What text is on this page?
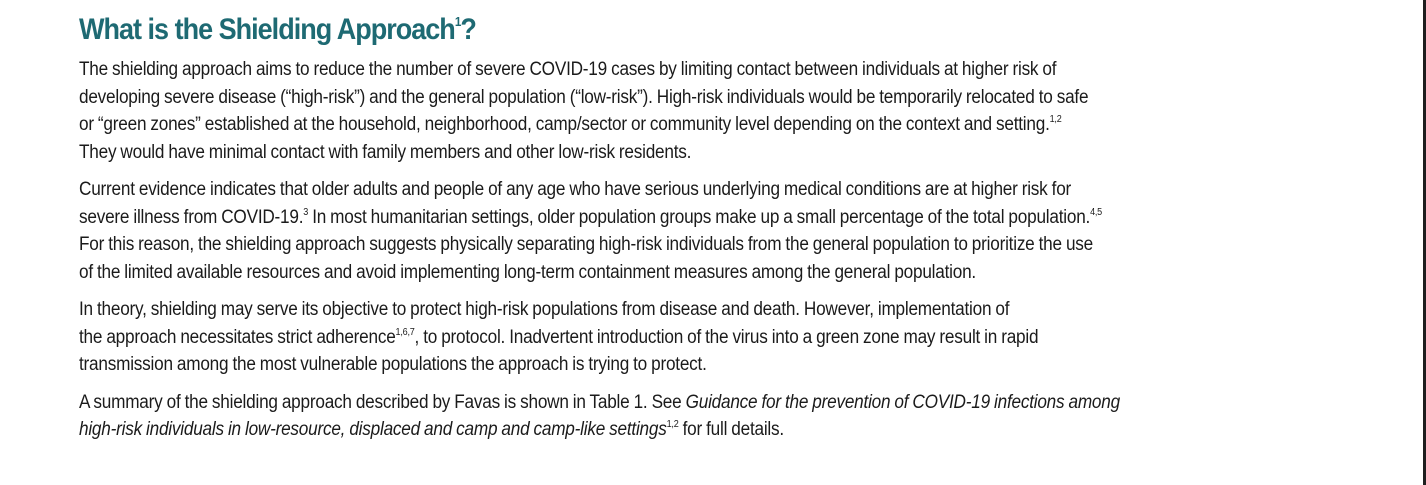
What is the Shielding Approach$^1$?

The shielding approach aims to reduce the number of severe COVID-19 cases by limiting contact between individuals at higher risk of
developing severe disease (“high-risk”) and the general population (“low-risk”). High-risk individuals would be temporarily relocated to safe
or “green zones” established at the household, neighborhood, camp/sector or community level depending on the context and setting.$^{1,2}$
They would have minimal contact with family members and other low-risk residents.

Current evidence indicates that older adults and people of any age who have serious underlying medical conditions are at higher risk for
severe illness from COVID-19.$^3$ In most humanitarian settings, older population groups make up a small percentage of the total population.$^{4,5}$
For this reason, the shielding approach suggests physically separating high-risk individuals from the general population to prioritize the use
of the limited available resources and avoid implementing long-term containment measures among the general population.

In theory, shielding may serve its objective to protect high-risk populations from disease and death. However, implementation of
the approach necessitates strict adherence$^{1,6,7}$, to protocol. Inadvertent introduction of the virus into a green zone may result in rapid
transmission among the most vulnerable populations the approach is trying to protect.

A summary of the shielding approach described by Favas is shown in Table 1. See Guidance for the prevention of COVID-19 infections among
high-risk individuals in low-resource, displaced and camp and camp-like settings$^{1,2}$ for full details.
